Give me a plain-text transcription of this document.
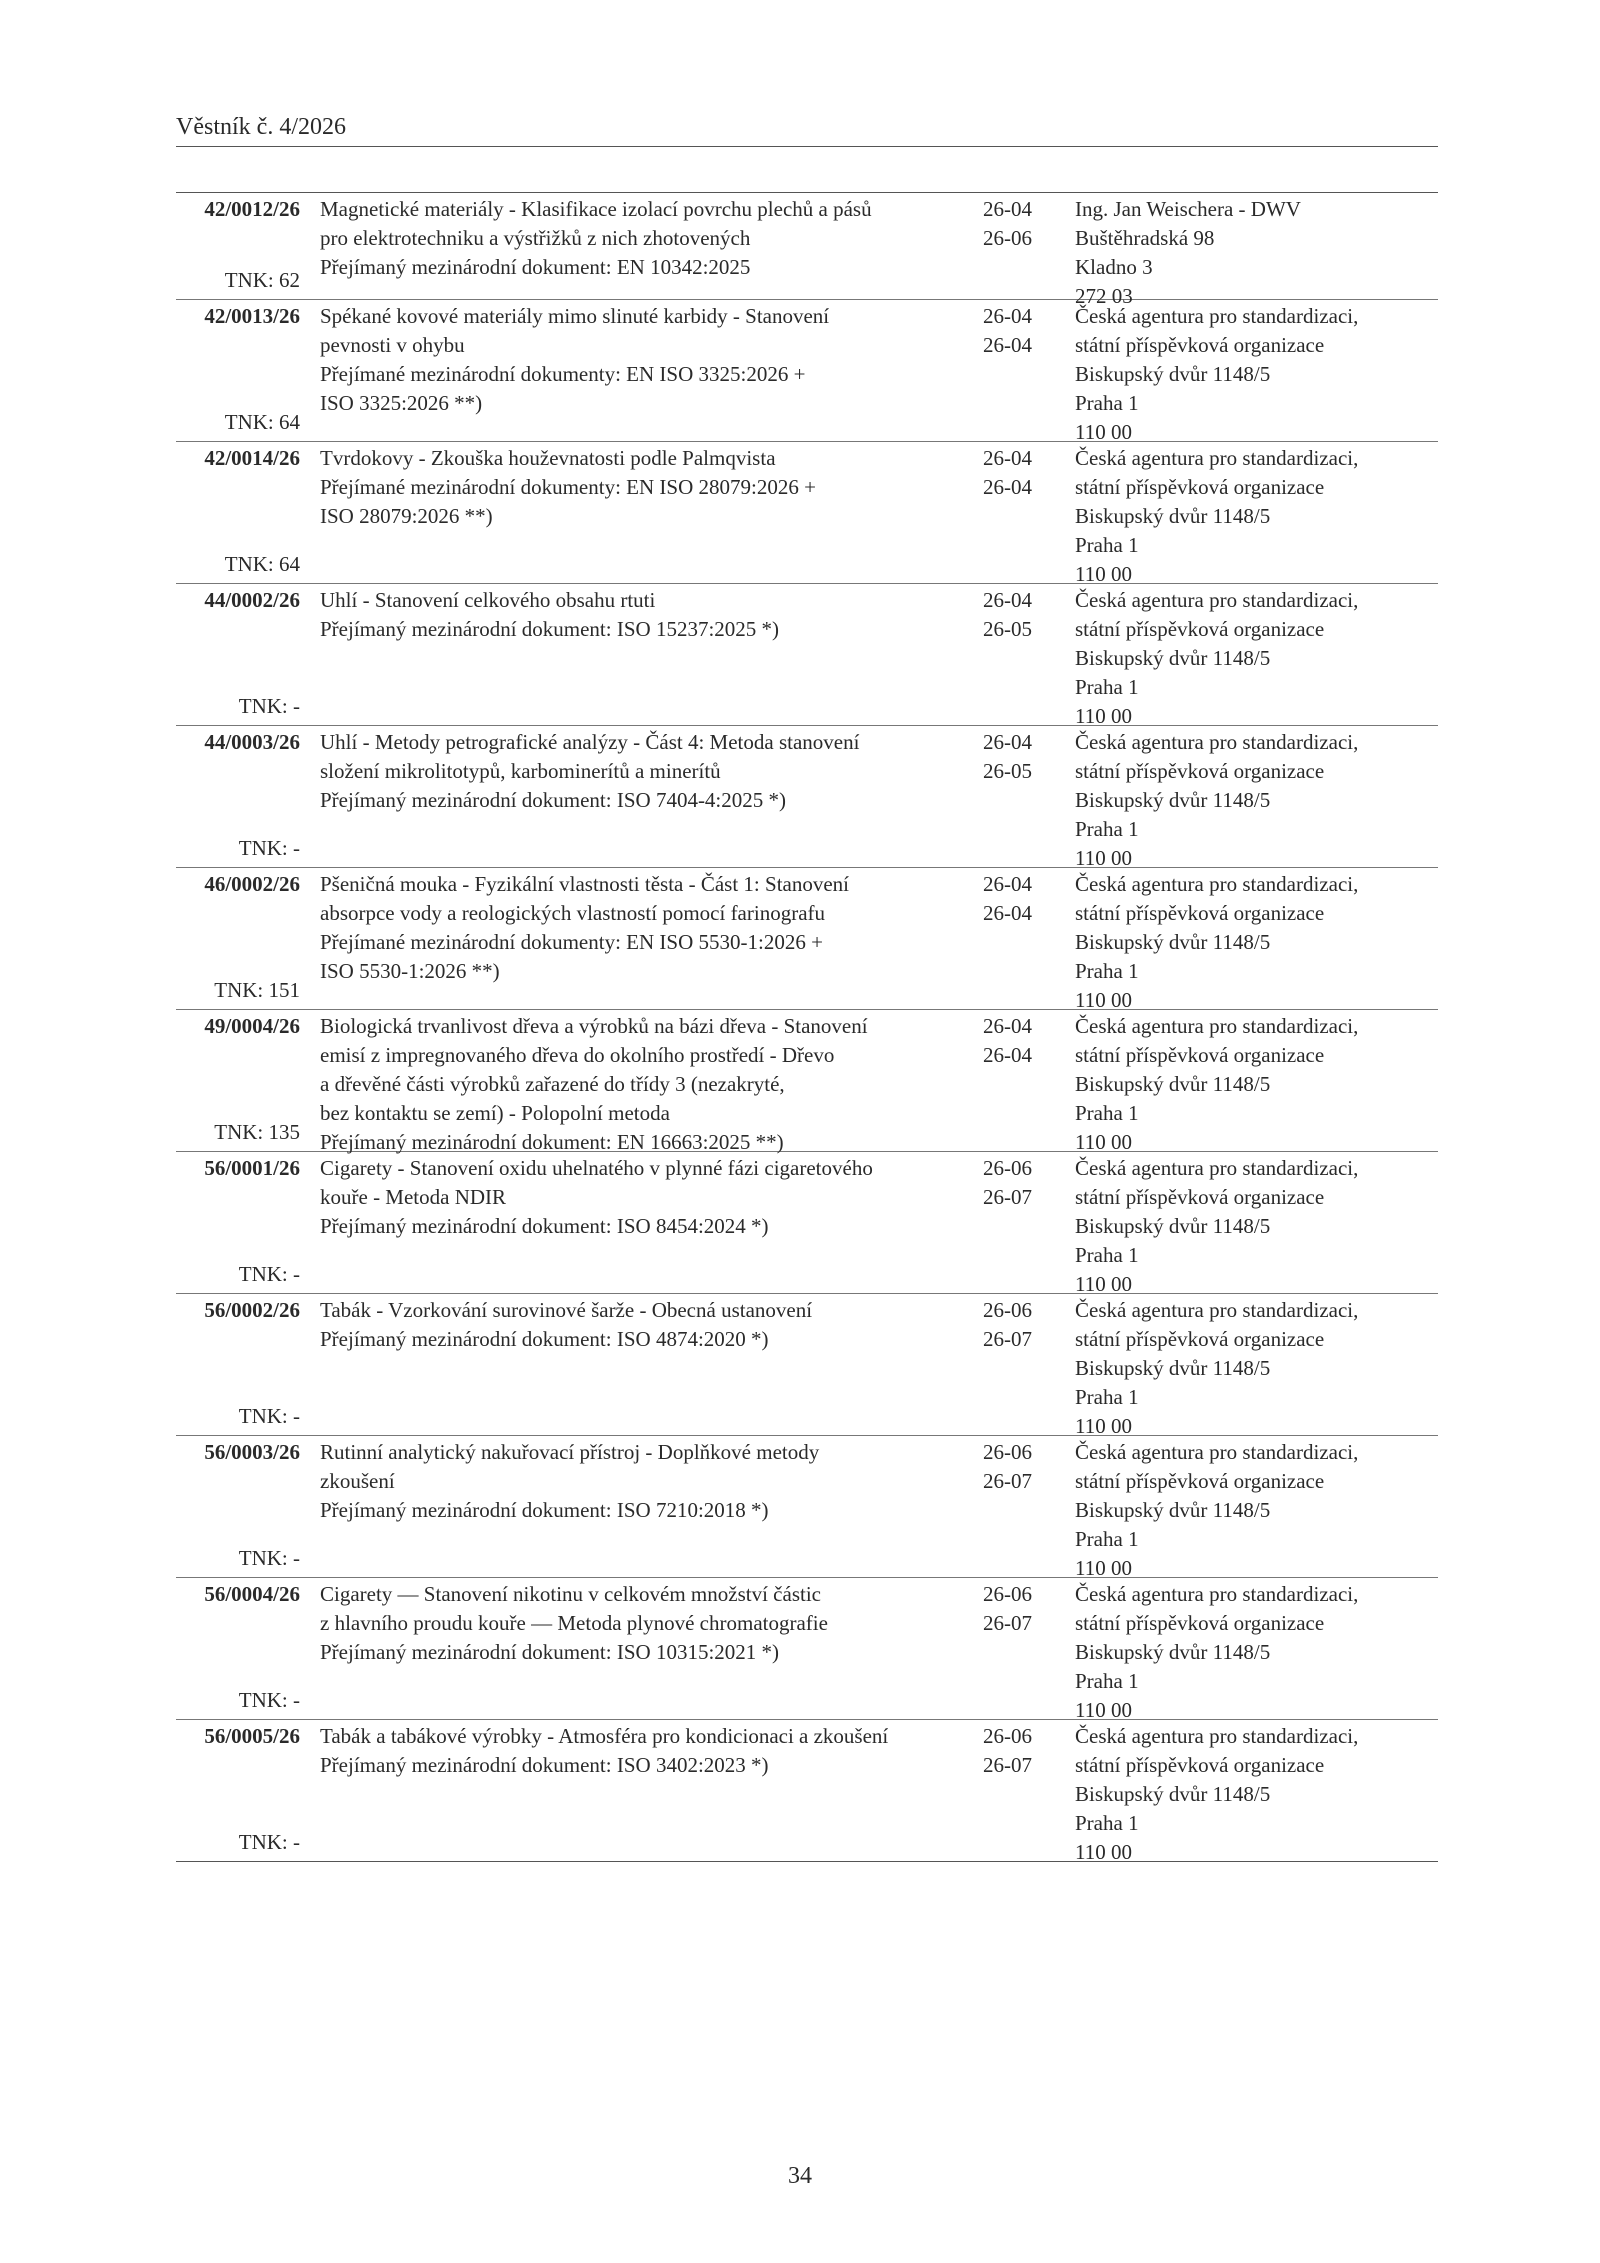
Věstník č. 4/2026
42/0012/26
TNK: 62
Magnetické materiály - Klasifikace izolací povrchu plechů a pásů
pro elektrotechniku a výstřižků z nich zhotovených
Přejímaný mezinárodní dokument: EN 10342:2025
26-04
26-06
Ing. Jan Weischera - DWV
Buštěhradská 98
Kladno 3
272 03
42/0013/26
TNK: 64
Spékané kovové materiály mimo slinuté karbidy - Stanovení
pevnosti v ohybu
Přejímané mezinárodní dokumenty: EN ISO 3325:2026 +
ISO 3325:2026 **)
26-04
26-04
Česká agentura pro standardizaci,
státní příspěvková organizace
Biskupský dvůr 1148/5
Praha 1
110 00
42/0014/26
TNK: 64
Tvrdokovy - Zkouška houževnatosti podle Palmqvista
Přejímané mezinárodní dokumenty: EN ISO 28079:2026 +
ISO 28079:2026 **)
26-04
26-04
Česká agentura pro standardizaci,
státní příspěvková organizace
Biskupský dvůr 1148/5
Praha 1
110 00
44/0002/26
TNK: -
Uhlí - Stanovení celkového obsahu rtuti
Přejímaný mezinárodní dokument: ISO 15237:2025 *)
26-04
26-05
Česká agentura pro standardizaci,
státní příspěvková organizace
Biskupský dvůr 1148/5
Praha 1
110 00
44/0003/26
TNK: -
Uhlí - Metody petrografické analýzy - Část 4: Metoda stanovení
složení mikrolitotypů, karbominerítů a minerítů
Přejímaný mezinárodní dokument: ISO 7404-4:2025 *)
26-04
26-05
Česká agentura pro standardizaci,
státní příspěvková organizace
Biskupský dvůr 1148/5
Praha 1
110 00
46/0002/26
TNK: 151
Pšeničná mouka - Fyzikální vlastnosti těsta - Část 1: Stanovení
absorpce vody a reologických vlastností pomocí farinografu
Přejímané mezinárodní dokumenty: EN ISO 5530-1:2026 +
ISO 5530-1:2026 **)
26-04
26-04
Česká agentura pro standardizaci,
státní příspěvková organizace
Biskupský dvůr 1148/5
Praha 1
110 00
49/0004/26
TNK: 135
Biologická trvanlivost dřeva a výrobků na bázi dřeva - Stanovení
emisí z impregnovaného dřeva do okolního prostředí - Dřevo
a dřevěné části výrobků zařazené do třídy 3 (nezakryté,
bez kontaktu se zemí) - Polopolní metoda
Přejímaný mezinárodní dokument: EN 16663:2025 **)
26-04
26-04
Česká agentura pro standardizaci,
státní příspěvková organizace
Biskupský dvůr 1148/5
Praha 1
110 00
56/0001/26
TNK: -
Cigarety - Stanovení oxidu uhelnatého v plynné fázi cigaretového
kouře - Metoda NDIR
Přejímaný mezinárodní dokument: ISO 8454:2024 *)
26-06
26-07
Česká agentura pro standardizaci,
státní příspěvková organizace
Biskupský dvůr 1148/5
Praha 1
110 00
56/0002/26
TNK: -
Tabák - Vzorkování surovinové šarže - Obecná ustanovení
Přejímaný mezinárodní dokument: ISO 4874:2020 *)
26-06
26-07
Česká agentura pro standardizaci,
státní příspěvková organizace
Biskupský dvůr 1148/5
Praha 1
110 00
56/0003/26
TNK: -
Rutinní analytický nakuřovací přístroj - Doplňkové metody
zkoušení
Přejímaný mezinárodní dokument: ISO 7210:2018 *)
26-06
26-07
Česká agentura pro standardizaci,
státní příspěvková organizace
Biskupský dvůr 1148/5
Praha 1
110 00
56/0004/26
TNK: -
Cigarety — Stanovení nikotinu v celkovém množství částic
z hlavního proudu kouře — Metoda plynové chromatografie
Přejímaný mezinárodní dokument: ISO 10315:2021 *)
26-06
26-07
Česká agentura pro standardizaci,
státní příspěvková organizace
Biskupský dvůr 1148/5
Praha 1
110 00
56/0005/26
TNK: -
Tabák a tabákové výrobky - Atmosféra pro kondicionaci a zkoušení
Přejímaný mezinárodní dokument: ISO 3402:2023 *)
26-06
26-07
Česká agentura pro standardizaci,
státní příspěvková organizace
Biskupský dvůr 1148/5
Praha 1
110 00
34
